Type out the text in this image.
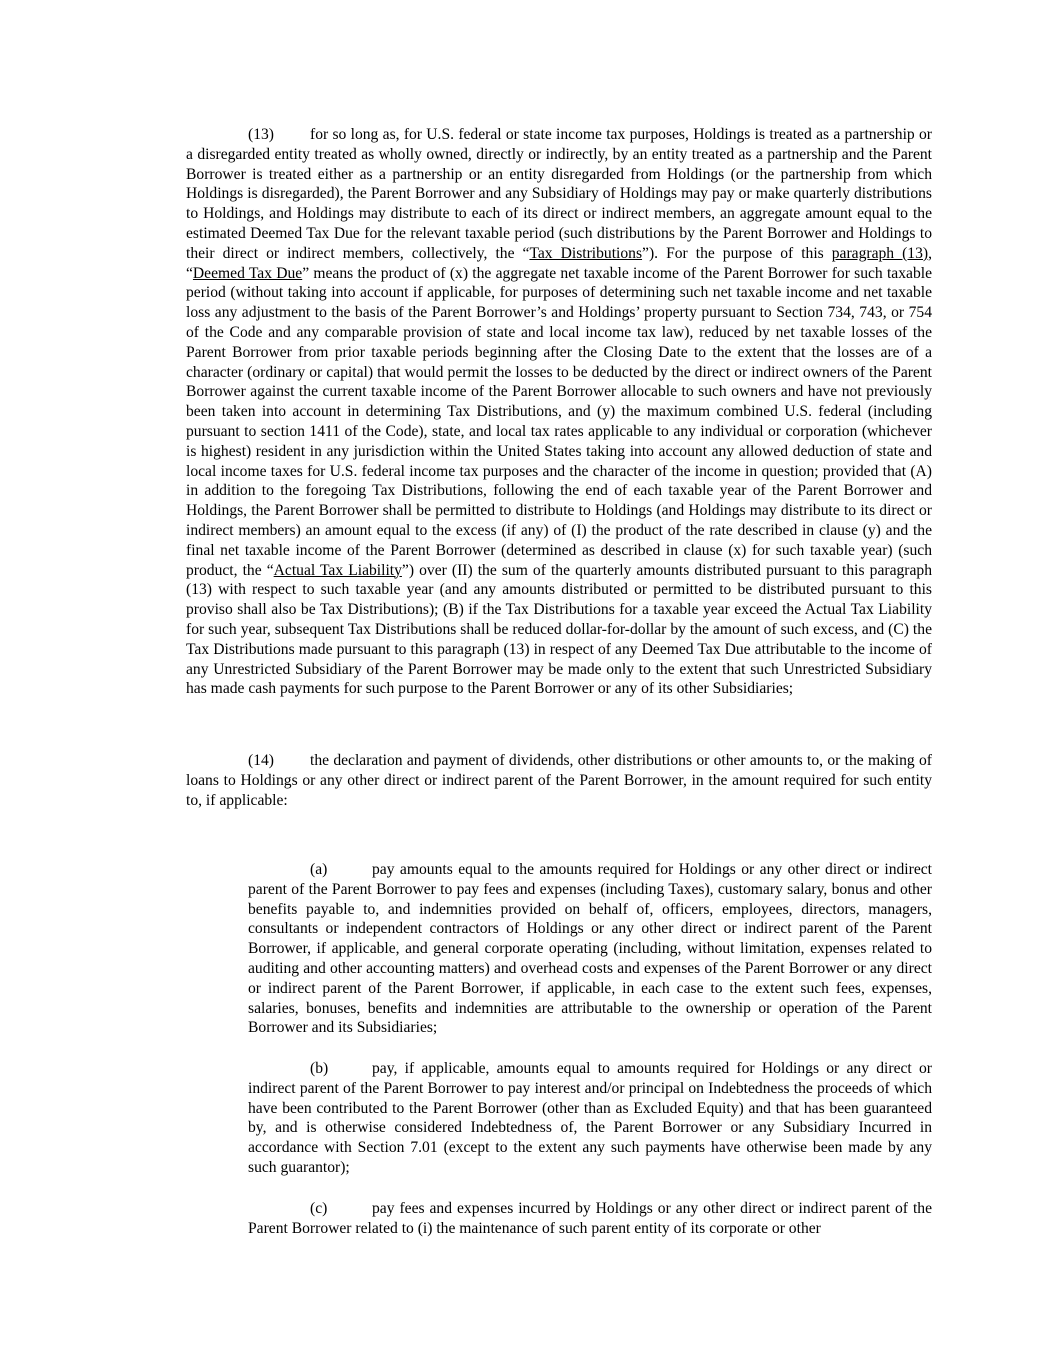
(13) for so long as, for U.S. federal or state income tax purposes, Holdings is treated as a partnership or a disregarded entity treated as wholly owned, directly or indirectly, by an entity treated as a partnership and the Parent Borrower is treated either as a partnership or an entity disregarded from Holdings (or the partnership from which Holdings is disregarded), the Parent Borrower and any Subsidiary of Holdings may pay or make quarterly distributions to Holdings, and Holdings may distribute to each of its direct or indirect members, an aggregate amount equal to the estimated Deemed Tax Due for the relevant taxable period (such distributions by the Parent Borrower and Holdings to their direct or indirect members, collectively, the “Tax Distributions”). For the purpose of this paragraph (13), “Deemed Tax Due” means the product of (x) the aggregate net taxable income of the Parent Borrower for such taxable period (without taking into account if applicable, for purposes of determining such net taxable income and net taxable loss any adjustment to the basis of the Parent Borrower’s and Holdings’ property pursuant to Section 734, 743, or 754 of the Code and any comparable provision of state and local income tax law), reduced by net taxable losses of the Parent Borrower from prior taxable periods beginning after the Closing Date to the extent that the losses are of a character (ordinary or capital) that would permit the losses to be deducted by the direct or indirect owners of the Parent Borrower against the current taxable income of the Parent Borrower allocable to such owners and have not previously been taken into account in determining Tax Distributions, and (y) the maximum combined U.S. federal (including pursuant to section 1411 of the Code), state, and local tax rates applicable to any individual or corporation (whichever is highest) resident in any jurisdiction within the United States taking into account any allowed deduction of state and local income taxes for U.S. federal income tax purposes and the character of the income in question; provided that (A) in addition to the foregoing Tax Distributions, following the end of each taxable year of the Parent Borrower and Holdings, the Parent Borrower shall be permitted to distribute to Holdings (and Holdings may distribute to its direct or indirect members) an amount equal to the excess (if any) of (I) the product of the rate described in clause (y) and the final net taxable income of the Parent Borrower (determined as described in clause (x) for such taxable year) (such product, the “Actual Tax Liability”) over (II) the sum of the quarterly amounts distributed pursuant to this paragraph (13) with respect to such taxable year (and any amounts distributed or permitted to be distributed pursuant to this proviso shall also be Tax Distributions); (B) if the Tax Distributions for a taxable year exceed the Actual Tax Liability for such year, subsequent Tax Distributions shall be reduced dollar-for-dollar by the amount of such excess, and (C) the Tax Distributions made pursuant to this paragraph (13) in respect of any Deemed Tax Due attributable to the income of any Unrestricted Subsidiary of the Parent Borrower may be made only to the extent that such Unrestricted Subsidiary has made cash payments for such purpose to the Parent Borrower or any of its other Subsidiaries;

(14) the declaration and payment of dividends, other distributions or other amounts to, or the making of loans to Holdings or any other direct or indirect parent of the Parent Borrower, in the amount required for such entity to, if applicable:

(a)	pay amounts equal to the amounts required for Holdings or any other direct or indirect parent of the Parent Borrower to pay fees and expenses (including Taxes), customary salary, bonus and other benefits payable to, and indemnities provided on behalf of, officers, employees, directors, managers, consultants or independent contractors of Holdings or any other direct or indirect parent of the Parent Borrower, if applicable, and general corporate operating (including, without limitation, expenses related to auditing and other accounting matters) and overhead costs and expenses of the Parent Borrower or any direct or indirect parent of the Parent Borrower, if applicable, in each case to the extent such fees, expenses, salaries, bonuses, benefits and indemnities are attributable to the ownership or operation of the Parent Borrower and its Subsidiaries;

(b)	pay, if applicable, amounts equal to amounts required for Holdings or any direct or indirect parent of the Parent Borrower to pay interest and/or principal on Indebtedness the proceeds of which have been contributed to the Parent Borrower (other than as Excluded Equity) and that has been guaranteed by, and is otherwise considered Indebtedness of, the Parent Borrower or any Subsidiary Incurred in accordance with Section 7.01 (except to the extent any such payments have otherwise been made by any such guarantor);

(c)	pay fees and expenses incurred by Holdings or any other direct or indirect parent of the Parent Borrower related to (i) the maintenance of such parent entity of its corporate or other
